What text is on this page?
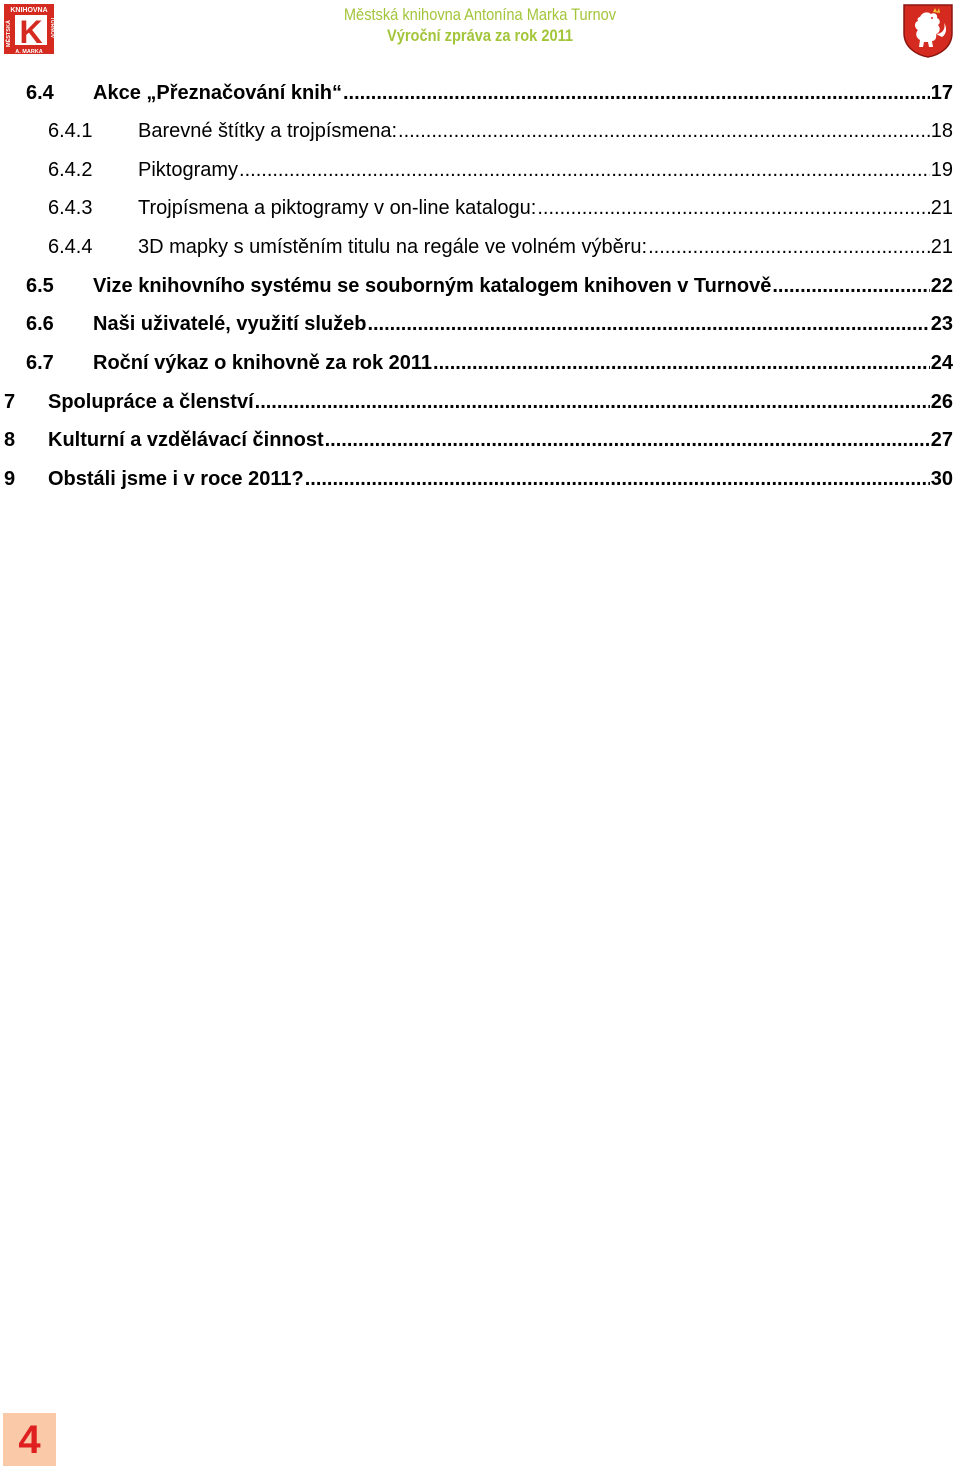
K
KNIHOVNA
MĚSTSKÁ	TURNOV
A. MARKA
Městská knihovna Antonína Marka Turnov
Výroční zpráva za rok 2011
6.4	Akce „Přeznačování knih“ .....	17
6.4.1	Barevné štítky a trojpísmena: .....	18
6.4.2	Piktogramy .....	19
6.4.3	Trojpísmena a piktogramy v on-line katalogu: .....	21
6.4.4	3D mapky s umístěním titulu na regále ve volném výběru: .....	21
6.5	Vize knihovního systému se souborným katalogem knihoven v Turnově .....	22
6.6	Naši uživatelé, využití služeb .....	23
6.7	Roční výkaz o knihovně za rok 2011 .....	24
7	Spolupráce a členství .....	26
8	Kulturní a vzdělávací činnost .....	27
9	Obstáli jsme i v roce 2011? .....	30
4
